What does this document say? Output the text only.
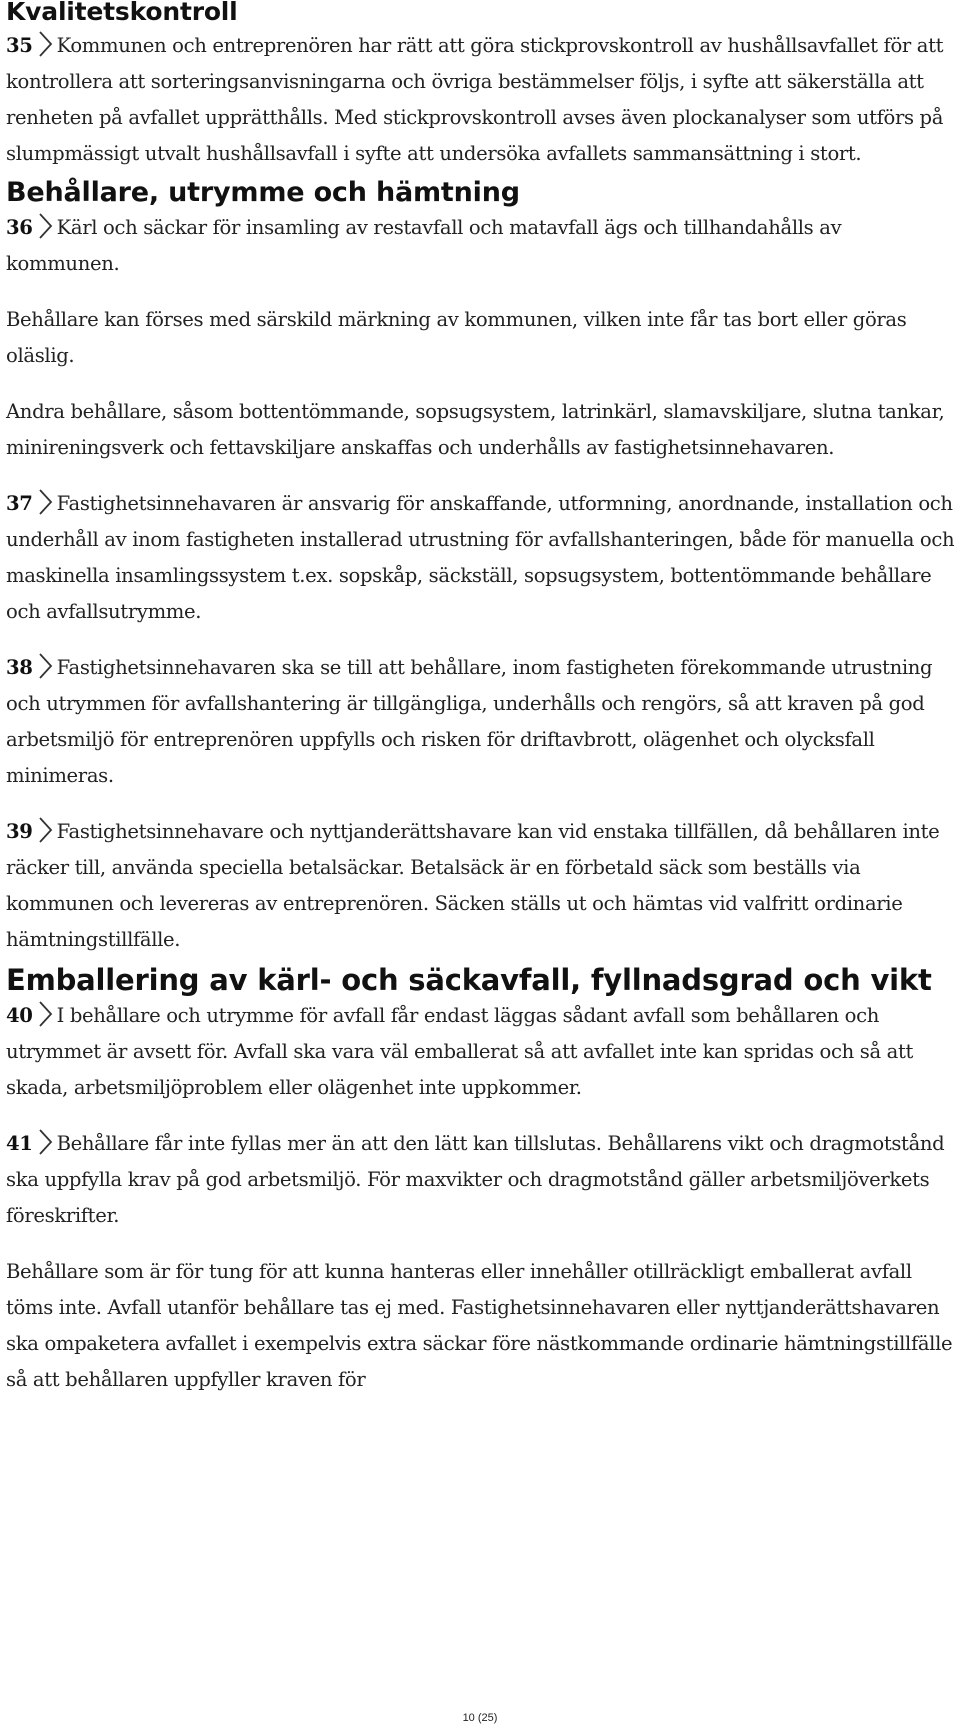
Kvalitetskontroll

35 Kommunen och entreprenören har rätt att göra stickprovskontroll av hushållsavfallet för att kontrollera att sorteringsanvisningarna och övriga bestämmelser följs, i syfte att säkerställa att renheten på avfallet upprätthålls. Med stickprovskontroll avses även plockanalyser som utförs på slumpmässigt utvalt hushållsavfall i syfte att undersöka avfallets sammansättning i stort.

Behållare, utrymme och hämtning

36 Kärl och säckar för insamling av restavfall och matavfall ägs och tillhandahålls av kommunen.

Behållare kan förses med särskild märkning av kommunen, vilken inte får tas bort eller göras oläslig.

Andra behållare, såsom bottentömmande, sopsugsystem, latrinkärl, slamavskiljare, slutna tankar, minireningsverk och fettavskiljare anskaffas och underhålls av fastighetsinnehavaren.

37 Fastighetsinnehavaren är ansvarig för anskaffande, utformning, anordnande, installation och underhåll av inom fastigheten installerad utrustning för avfallshanteringen, både för manuella och maskinella insamlingssystem t.ex. sopskåp, säckställ, sopsugsystem, bottentömmande behållare och avfallsutrymme.

38 Fastighetsinnehavaren ska se till att behållare, inom fastigheten förekommande utrustning och utrymmen för avfallshantering är tillgängliga, underhålls och rengörs, så att kraven på god arbetsmiljö för entreprenören uppfylls och risken för driftavbrott, olägenhet och olycksfall minimeras.

39 Fastighetsinnehavare och nyttjanderättshavare kan vid enstaka tillfällen, då behållaren inte räcker till, använda speciella betalsäckar. Betalsäck är en förbetald säck som beställs via kommunen och levereras av entreprenören. Säcken ställs ut och hämtas vid valfritt ordinarie hämtningstillfälle.

Emballering av kärl- och säckavfall, fyllnadsgrad och vikt

40 I behållare och utrymme för avfall får endast läggas sådant avfall som behållaren och utrymmet är avsett för. Avfall ska vara väl emballerat så att avfallet inte kan spridas och så att skada, arbetsmiljöproblem eller olägenhet inte uppkommer.

41 Behållare får inte fyllas mer än att den lätt kan tillslutas. Behållarens vikt och dragmotstånd ska uppfylla krav på god arbetsmiljö. För maxvikter och dragmotstånd gäller arbetsmiljöverkets föreskrifter.

Behållare som är för tung för att kunna hanteras eller innehåller otillräckligt emballerat avfall töms inte. Avfall utanför behållare tas ej med. Fastighetsinnehavaren eller nyttjanderättshavaren ska ompaketera avfallet i exempelvis extra säckar före nästkommande ordinarie hämtningstillfälle så att behållaren uppfyller kraven för

10 (25)
